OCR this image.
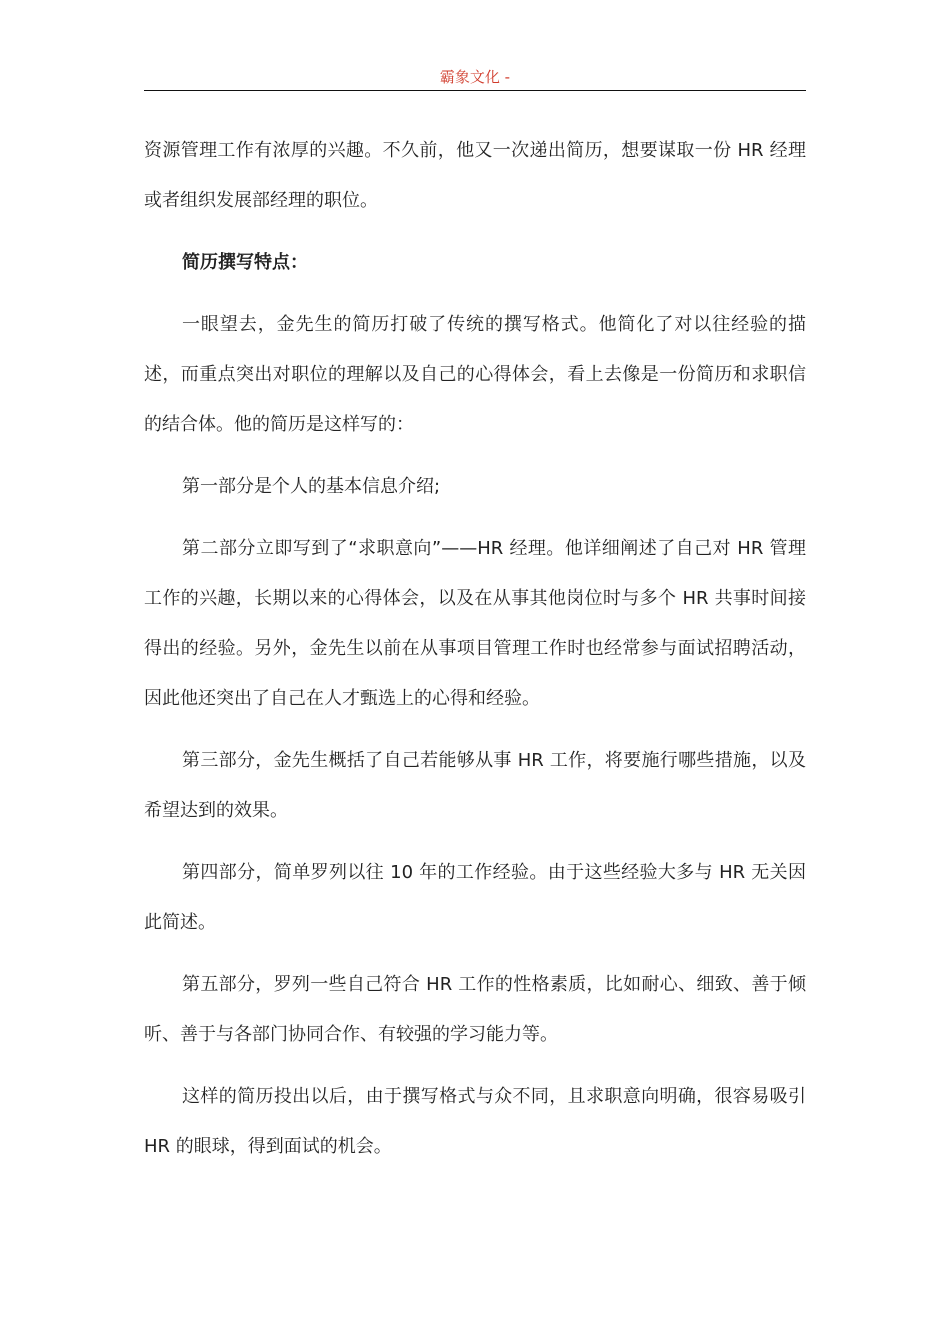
霸象文化 -

资源管理工作有浓厚的兴趣。不久前，他又一次递出简历，想要谋取一份 HR 经理或者组织发展部经理的职位。

简历撰写特点：

一眼望去，金先生的简历打破了传统的撰写格式。他简化了对以往经验的描述，而重点突出对职位的理解以及自己的心得体会，看上去像是一份简历和求职信的结合体。他的简历是这样写的：

第一部分是个人的基本信息介绍;

第二部分立即写到了“求职意向”——HR 经理。他详细阐述了自己对 HR 管理工作的兴趣，长期以来的心得体会，以及在从事其他岗位时与多个 HR 共事时间接得出的经验。另外，金先生以前在从事项目管理工作时也经常参与面试招聘活动，因此他还突出了自己在人才甄选上的心得和经验。

第三部分，金先生概括了自己若能够从事 HR 工作，将要施行哪些措施，以及希望达到的效果。

第四部分，简单罗列以往 10 年的工作经验。由于这些经验大多与 HR 无关因此简述。

第五部分，罗列一些自己符合 HR 工作的性格素质，比如耐心、细致、善于倾听、善于与各部门协同合作、有较强的学习能力等。

这样的简历投出以后，由于撰写格式与众不同，且求职意向明确，很容易吸引 HR 的眼球，得到面试的机会。
